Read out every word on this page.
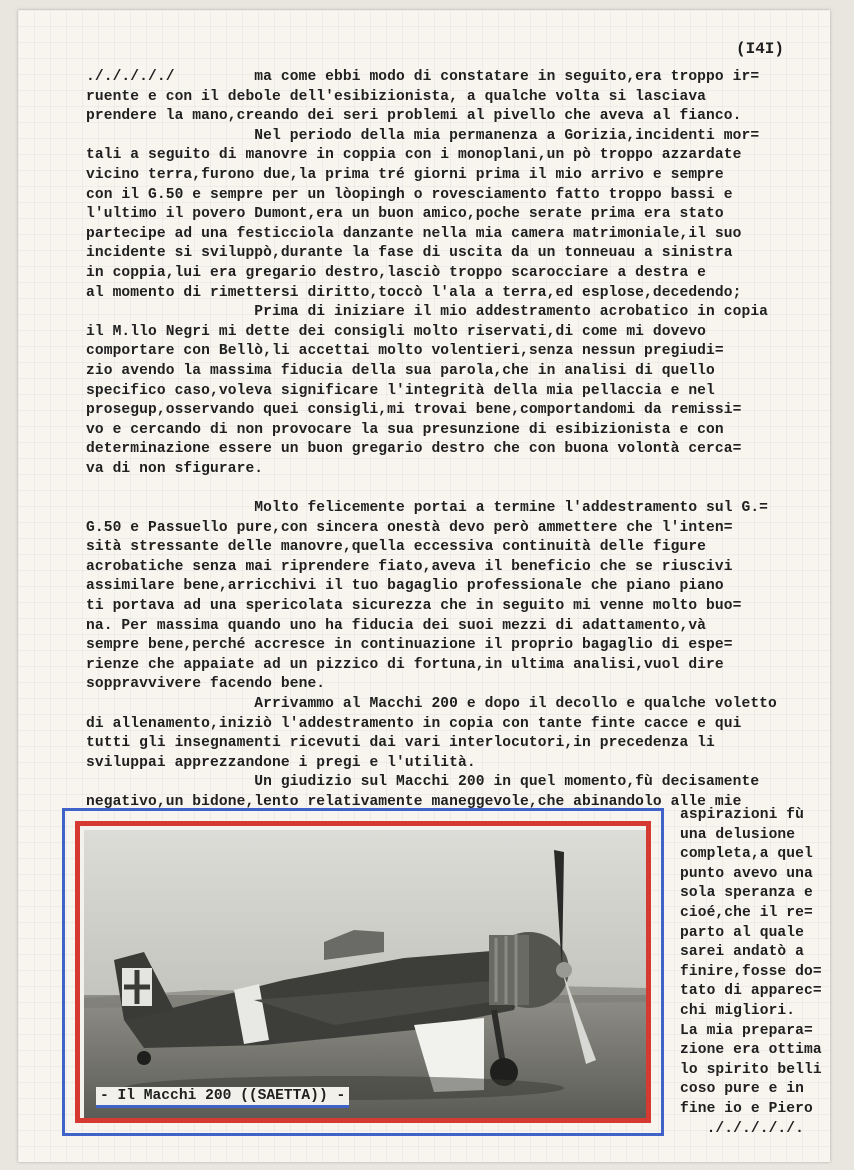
(I4I)
./././././         ma come ebbi modo di constatare in seguito,era troppo ir=
ruente e con il debole dell'esibizionista, a qualche volta si lasciava
prendere la mano,creando dei seri problemi al pivello che aveva al fianco.
Nel periodo della mia permanenza a Gorizia,incidenti mor=
tali a seguito di manovre in coppia con i monoplani,un pò troppo azzardate
vicino terra,furono due,la prima tré giorni prima il mio arrivo e sempre
con il G.50 e sempre per un lòopingh o rovesciamento fatto troppo bassi e
l'ultimo il povero Dumont,era un buon amico,poche serate prima era stato
partecipe ad una festicciola danzante nella mia camera matrimoniale,il suo
incidente si sviluppò,durante la fase di uscita da un tonneuau a sinistra
in coppia,lui era gregario destro,lasciò troppo scarocciare a destra e
al momento di rimettersi diritto,toccò l'ala a terra,ed esplose,decedendo;
Prima di iniziare il mio addestramento acrobatico in copia
il M.llo Negri mi dette dei consigli molto riservati,di come mi dovevo
comportare con Bellò,li accettai molto volentieri,senza nessun pregiudi=
zio avendo la massima fiducia della sua parola,che in analisi di quello
specifico caso,voleva significare l'integrità della mia pellaccia e nel
prosegup,osservando quei consigli,mi trovai bene,comportandomi da remissi=
vo e cercando di non provocare la sua presunzione di esibizionista e con
determinazione essere un buon gregario destro che con buona volontà cerca=
va di non sfigurare.
Molto felicemente portai a termine l'addestramento sul G.=
G.50 e Passuello pure,con sincera onestà devo però ammettere che l'inten=
sità stressante delle manovre,quella eccessiva continuità delle figure
acrobatiche senza mai riprendere fiato,aveva il beneficio che se riuscivi
assimilare bene,arricchivi il tuo bagaglio professionale che piano piano
ti portava ad una spericolata sicurezza che in seguito mi venne molto buo=
na. Per massima quando uno ha fiducia dei suoi mezzi di adattamento,và
sempre bene,perché accresce in continuazione il proprio bagaglio di espe=
rienze che appaiate ad un pizzico di fortuna,in ultima analisi,vuol dire
soppravvivere facendo bene.
Arrivammo al Macchi 200 e dopo il decollo e qualche voletto
di allenamento,iniziò l'addestramento in copia con tante finte cacce e qui
tutti gli insegnamenti ricevuti dai vari interlocutori,in precedenza li
sviluppai apprezzandone i pregi e l'utilità.
Un giudizio sul Macchi 200 in quel momento,fù decisamente
negativo,un bidone,lento relativamente maneggevole,che abinandolo alle mie
- Il Macchi 200 ((SAETTA)) -
aspirazioni fù
una delusione
completa,a quel
punto avevo una
sola speranza e
cioé,che il re=
parto al quale
sarei andatò a
finire,fosse do=
tato di apparec=
chi migliori.
La mia prepara=
zione era ottima
lo spirito belli
coso pure e in
fine io e Piero
./././././.
